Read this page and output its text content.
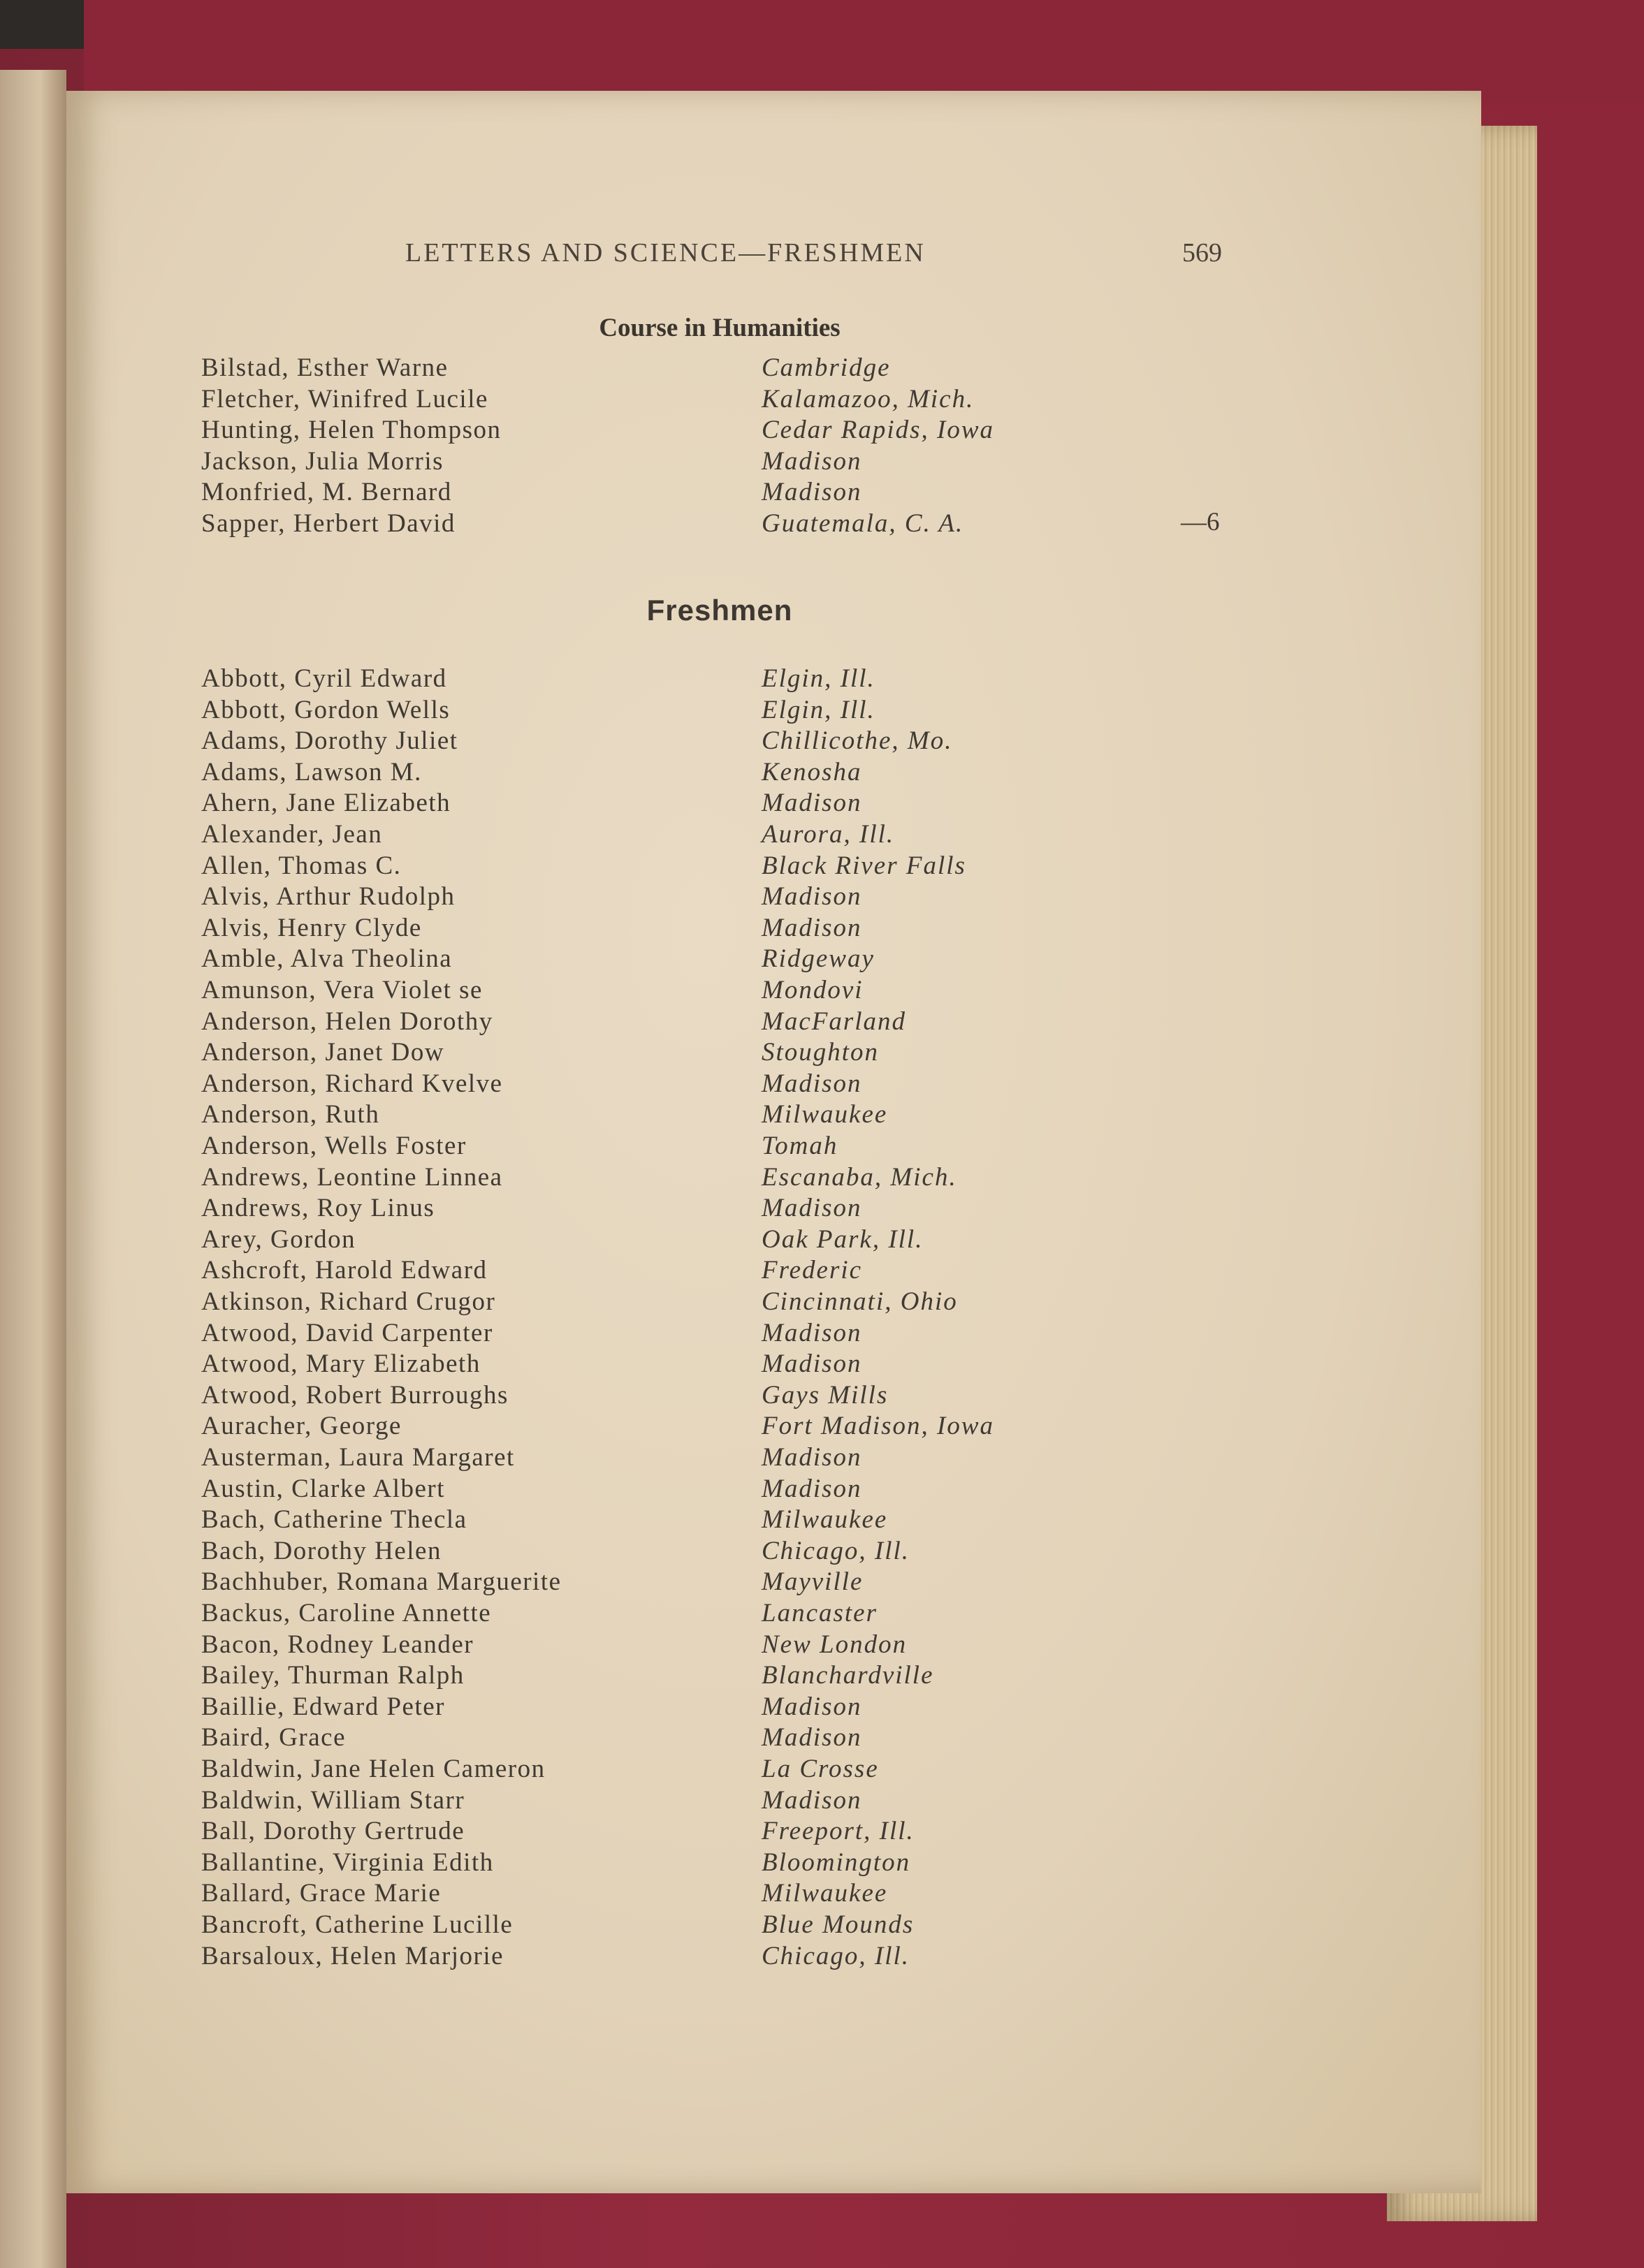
LETTERS AND SCIENCE—FRESHMEN	569
Course in Humanities
Bilstad, Esther Warne	Cambridge
Fletcher, Winifred Lucile	Kalamazoo, Mich.
Hunting, Helen Thompson	Cedar Rapids, Iowa
Jackson, Julia Morris	Madison
Monfried, M. Bernard	Madison
Sapper, Herbert David	Guatemala, C. A.	—6
Freshmen
Abbott, Cyril Edward	Elgin, Ill.
Abbott, Gordon Wells	Elgin, Ill.
Adams, Dorothy Juliet	Chillicothe, Mo.
Adams, Lawson M.	Kenosha
Ahern, Jane Elizabeth	Madison
Alexander, Jean	Aurora, Ill.
Allen, Thomas C.	Black River Falls
Alvis, Arthur Rudolph	Madison
Alvis, Henry Clyde	Madison
Amble, Alva Theolina	Ridgeway
Amunson, Vera Violet se	Mondovi
Anderson, Helen Dorothy	MacFarland
Anderson, Janet Dow	Stoughton
Anderson, Richard Kvelve	Madison
Anderson, Ruth	Milwaukee
Anderson, Wells Foster	Tomah
Andrews, Leontine Linnea	Escanaba, Mich.
Andrews, Roy Linus	Madison
Arey, Gordon	Oak Park, Ill.
Ashcroft, Harold Edward	Frederic
Atkinson, Richard Crugor	Cincinnati, Ohio
Atwood, David Carpenter	Madison
Atwood, Mary Elizabeth	Madison
Atwood, Robert Burroughs	Gays Mills
Auracher, George	Fort Madison, Iowa
Austerman, Laura Margaret	Madison
Austin, Clarke Albert	Madison
Bach, Catherine Thecla	Milwaukee
Bach, Dorothy Helen	Chicago, Ill.
Bachhuber, Romana Marguerite	Mayville
Backus, Caroline Annette	Lancaster
Bacon, Rodney Leander	New London
Bailey, Thurman Ralph	Blanchardville
Baillie, Edward Peter	Madison
Baird, Grace	Madison
Baldwin, Jane Helen Cameron	La Crosse
Baldwin, William Starr	Madison
Ball, Dorothy Gertrude	Freeport, Ill.
Ballantine, Virginia Edith	Bloomington
Ballard, Grace Marie	Milwaukee
Bancroft, Catherine Lucille	Blue Mounds
Barsaloux, Helen Marjorie	Chicago, Ill.
